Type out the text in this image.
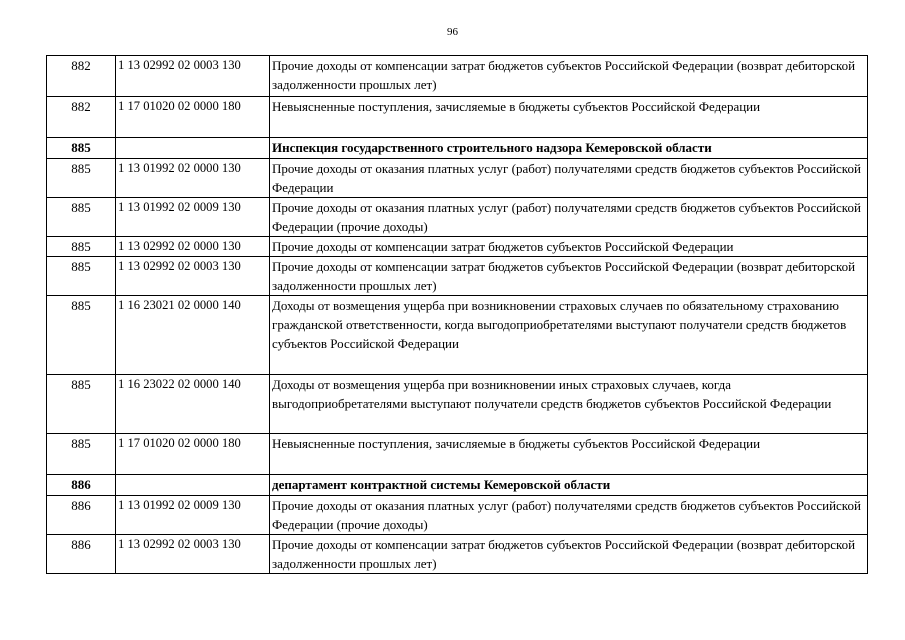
96
882	1 13 02992 02 0003 130	Прочие доходы от компенсации затрат бюджетов субъектов Российской Федерации (возврат дебиторской задолженности прошлых лет)
882	1 17 01020 02 0000 180	Невыясненные поступления, зачисляемые в бюджеты субъектов Российской Федерации
885		Инспекция государственного строительного надзора Кемеровской области
885	1 13 01992 02 0000 130	Прочие доходы от оказания платных услуг (работ) получателями средств бюджетов субъектов Российской Федерации
885	1 13 01992 02 0009 130	Прочие доходы от оказания платных услуг (работ) получателями средств бюджетов субъектов Российской Федерации (прочие доходы)
885	1 13 02992 02 0000 130	Прочие доходы от компенсации затрат бюджетов субъектов Российской Федерации
885	1 13 02992 02 0003 130	Прочие доходы от компенсации затрат бюджетов субъектов Российской Федерации (возврат дебиторской задолженности прошлых лет)
885	1 16 23021 02 0000 140	Доходы от возмещения ущерба при возникновении страховых случаев по обязательному страхованию гражданской ответственности, когда выгодоприобретателями выступают получатели средств бюджетов субъектов Российской Федерации
885	1 16 23022 02 0000 140	Доходы от возмещения ущерба при возникновении иных страховых случаев, когда выгодоприобретателями выступают получатели средств бюджетов субъектов Российской Федерации
885	1 17 01020 02 0000 180	Невыясненные поступления, зачисляемые в бюджеты субъектов Российской Федерации
886		департамент контрактной системы Кемеровской области
886	1 13 01992 02 0009 130	Прочие доходы от оказания платных услуг (работ) получателями средств бюджетов субъектов Российской Федерации (прочие доходы)
886	1 13 02992 02 0003 130	Прочие доходы от компенсации затрат бюджетов субъектов Российской Федерации (возврат дебиторской задолженности прошлых лет)
